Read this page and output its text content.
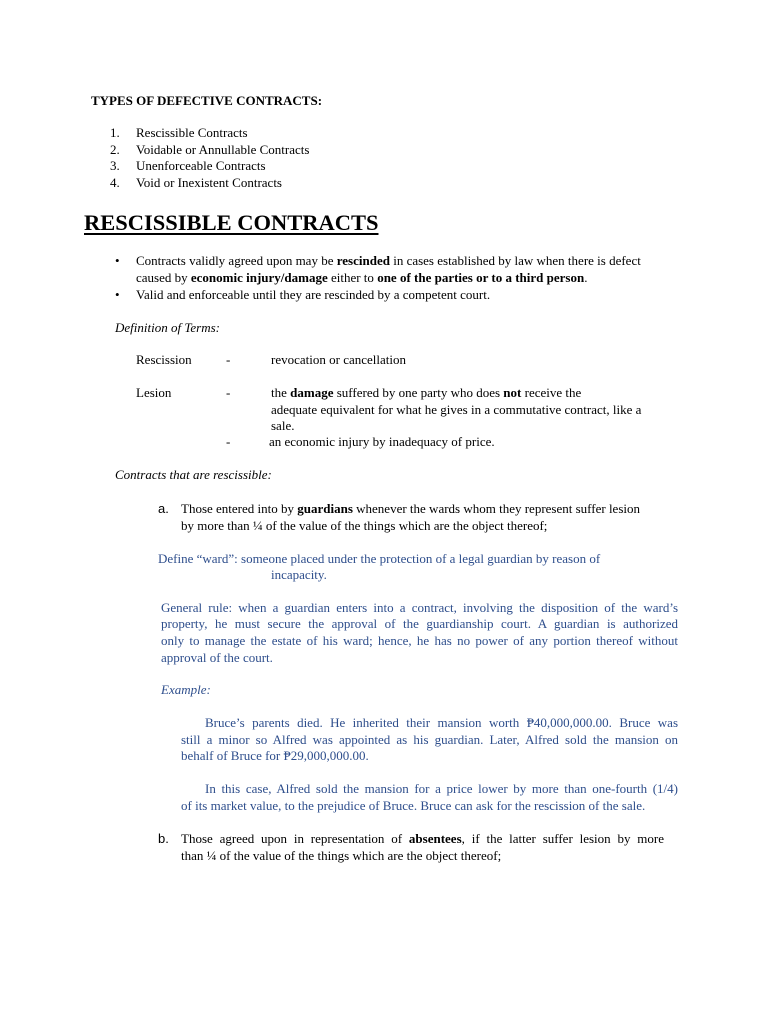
TYPES OF DEFECTIVE CONTRACTS:
1.	Rescissible Contracts
2.	Voidable or Annullable Contracts
3.	Unenforceable Contracts
4.	Void or Inexistent Contracts
RESCISSIBLE CONTRACTS
• Contracts validly agreed upon may be rescinded in cases established by law when there is defect
caused by economic injury/damage either to one of the parties or to a third person.
• Valid and enforceable until they are rescinded by a competent court.
Definition of Terms:
Rescission	-	revocation or cancellation
Lesion	-	the damage suffered by one party who does not receive the
adequate equivalent for what he gives in a commutative contract, like a
sale.
-	an economic injury by inadequacy of price.
Contracts that are rescissible:
a. Those entered into by guardians whenever the wards whom they represent suffer lesion
by more than ¼ of the value of the things which are the object thereof;
Define “ward”: someone placed under the protection of a legal guardian by reason of
incapacity.
General rule: when a guardian enters into a contract, involving the disposition of the ward’s
property, he must secure the approval of the guardianship court. A guardian is authorized
only to manage the estate of his ward; hence, he has no power of any portion thereof without
approval of the court.
Example:
Bruce’s parents died. He inherited their mansion worth ₱40,000,000.00. Bruce was
still a minor so Alfred was appointed as his guardian. Later, Alfred sold the mansion on
behalf of Bruce for ₱29,000,000.00.
In this case, Alfred sold the mansion for a price lower by more than one-fourth (1/4)
of its market value, to the prejudice of Bruce. Bruce can ask for the rescission of the sale.
b. Those agreed upon in representation of absentees, if the latter suffer lesion by more
than ¼ of the value of the things which are the object thereof;
